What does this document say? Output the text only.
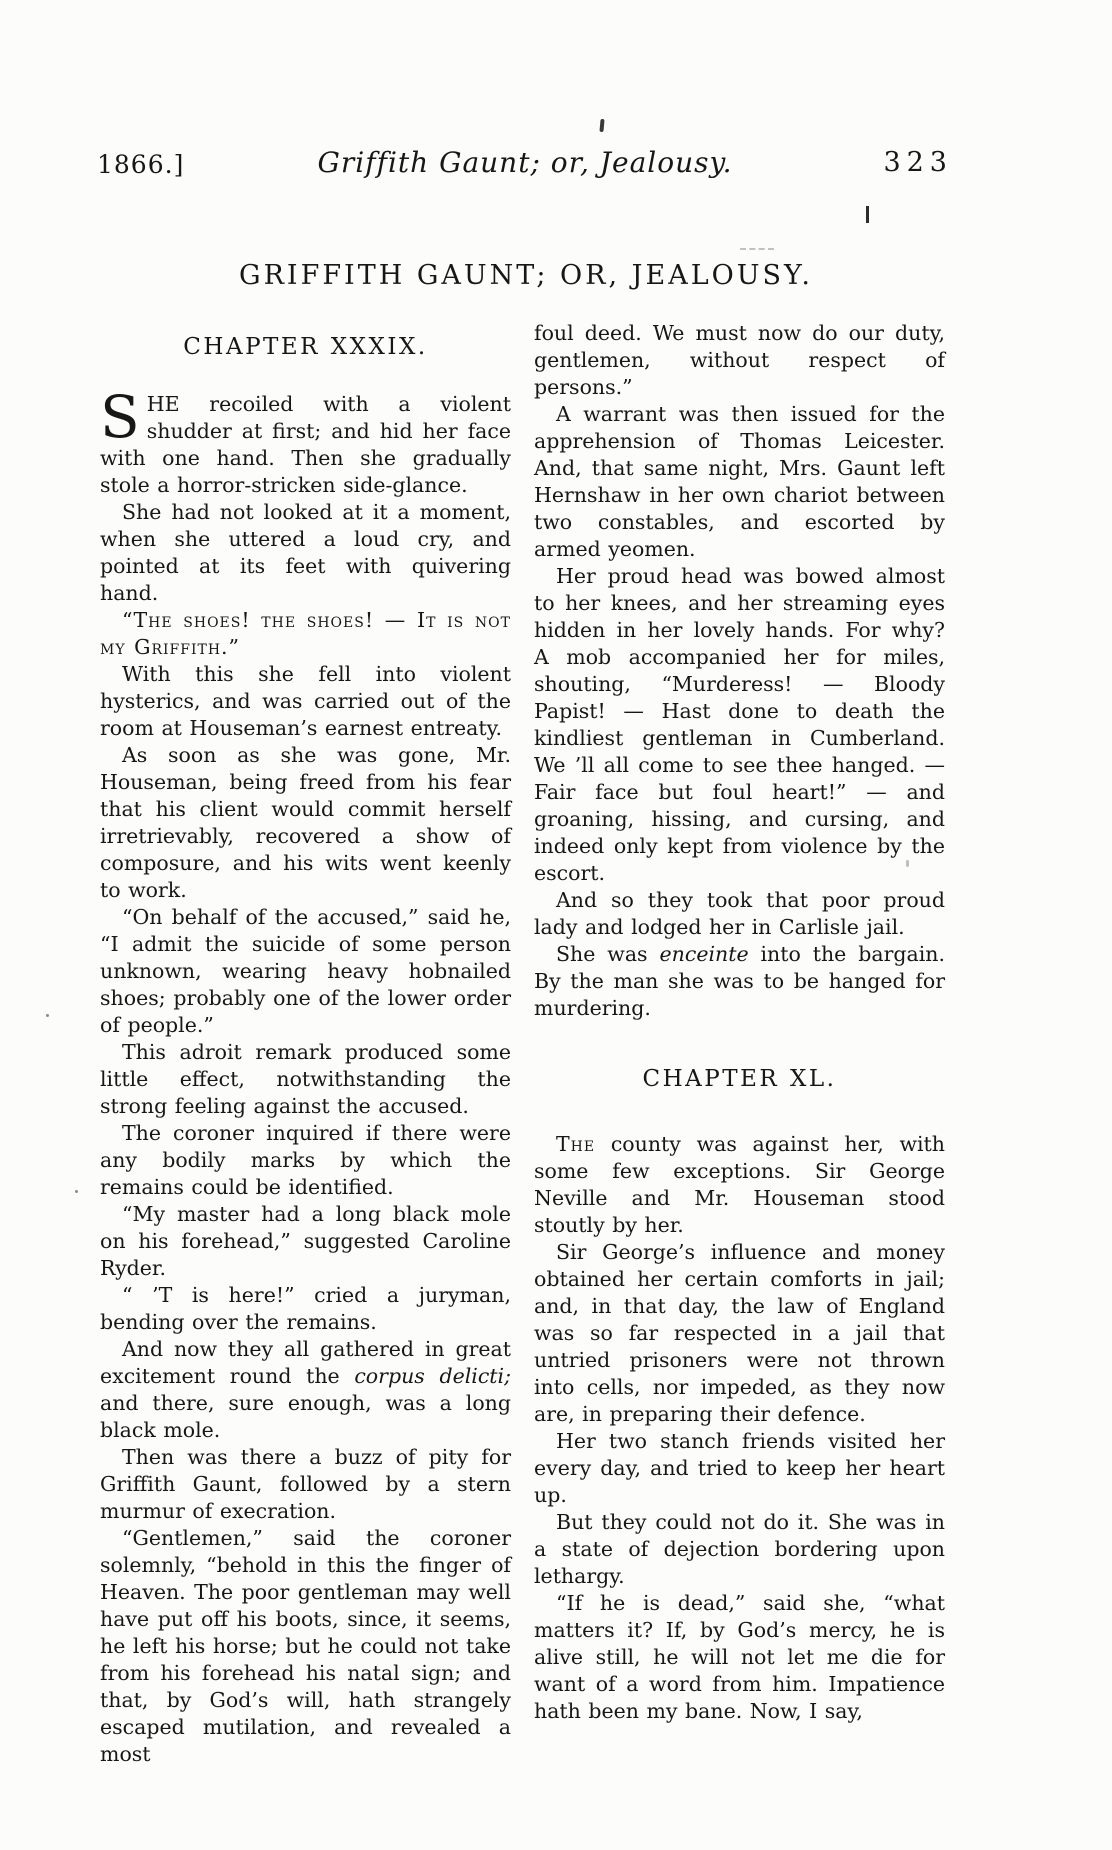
1866.]	Griffith Gaunt; or, Jealousy.	323
GRIFFITH GAUNT; OR, JEALOUSY.
CHAPTER XXXIX.

SHE recoiled with a violent shudder at first; and hid her face with one hand. Then she gradually stole a horror-stricken side-glance.

She had not looked at it a moment, when she uttered a loud cry, and pointed at its feet with quivering hand.

“The shoes! the shoes! — It is not my Griffith.”

With this she fell into violent hysterics, and was carried out of the room at Houseman’s earnest entreaty.

As soon as she was gone, Mr. Houseman, being freed from his fear that his client would commit herself irretrievably, recovered a show of composure, and his wits went keenly to work.

“On behalf of the accused,” said he, “I admit the suicide of some person unknown, wearing heavy hobnailed shoes; probably one of the lower order of people.”

This adroit remark produced some little effect, notwithstanding the strong feeling against the accused.

The coroner inquired if there were any bodily marks by which the remains could be identified.

“My master had a long black mole on his forehead,” suggested Caroline Ryder.

“ ’T is here!” cried a juryman, bending over the remains.

And now they all gathered in great excitement round the corpus delicti; and there, sure enough, was a long black mole.

Then was there a buzz of pity for Griffith Gaunt, followed by a stern murmur of execration.

“Gentlemen,” said the coroner solemnly, “behold in this the finger of Heaven. The poor gentleman may well have put off his boots, since, it seems, he left his horse; but he could not take from his forehead his natal sign; and that, by God’s will, hath strangely escaped mutilation, and revealed a most

foul deed. We must now do our duty, gentlemen, without respect of persons.”

A warrant was then issued for the apprehension of Thomas Leicester. And, that same night, Mrs. Gaunt left Hernshaw in her own chariot between two constables, and escorted by armed yeomen.

Her proud head was bowed almost to her knees, and her streaming eyes hidden in her lovely hands. For why? A mob accompanied her for miles, shouting, “Murderess! — Bloody Papist! — Hast done to death the kindliest gentleman in Cumberland. We ’ll all come to see thee hanged. — Fair face but foul heart!” — and groaning, hissing, and cursing, and indeed only kept from violence by the escort.

And so they took that poor proud lady and lodged her in Carlisle jail.

She was enceinte into the bargain. By the man she was to be hanged for murdering.

CHAPTER XL.

The county was against her, with some few exceptions. Sir George Neville and Mr. Houseman stood stoutly by her.

Sir George’s influence and money obtained her certain comforts in jail; and, in that day, the law of England was so far respected in a jail that untried prisoners were not thrown into cells, nor impeded, as they now are, in preparing their defence.

Her two stanch friends visited her every day, and tried to keep her heart up.

But they could not do it. She was in a state of dejection bordering upon lethargy.

“If he is dead,” said she, “what matters it? If, by God’s mercy, he is alive still, he will not let me die for want of a word from him. Impatience hath been my bane. Now, I say,
